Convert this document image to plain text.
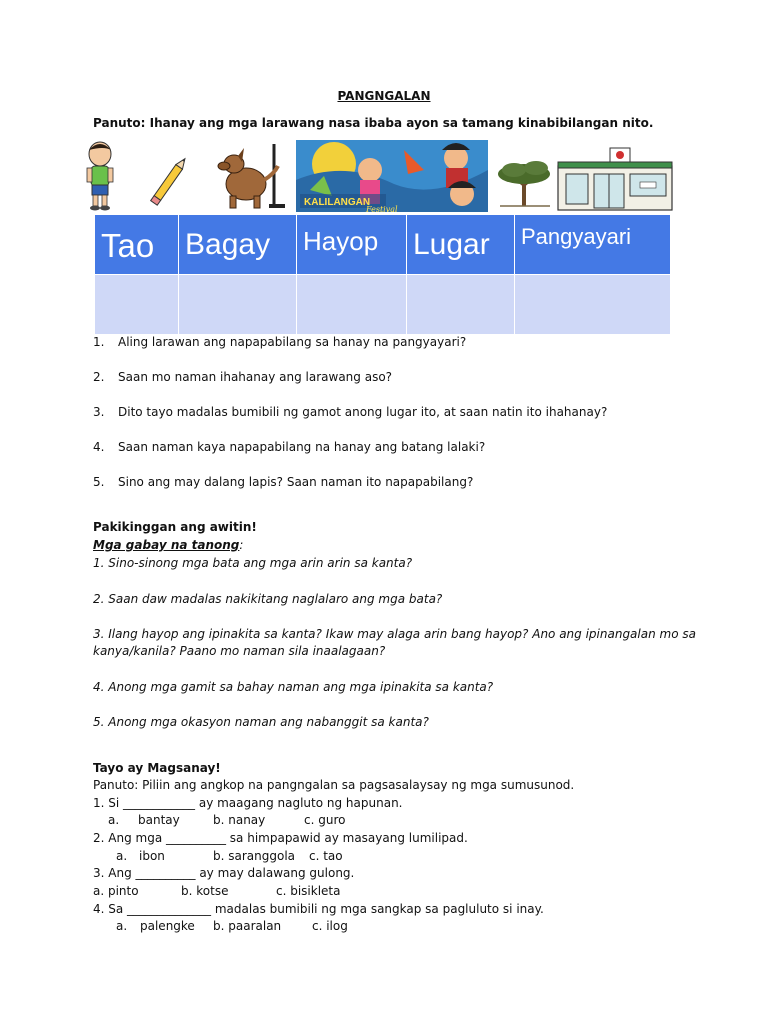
PANGNGALAN
Panuto: Ihanay ang mga larawang nasa ibaba ayon sa tamang kinabibilangan nito.
KALILANGAN
Festival
Tao	Bagay	Hayop	Lugar	Pangyayari

1. Aling larawan ang napapabilang sa hanay na pangyayari?
2. Saan mo naman ihahanay ang larawang aso?
3. Dito tayo madalas bumibili ng gamot anong lugar ito, at saan natin ito ihahanay?
4. Saan naman kaya napapabilang na hanay ang batang lalaki?
5. Sino ang may dalang lapis? Saan naman ito napapabilang?
Pakikinggan ang awitin!
Mga gabay na tanong:
1. Sino-sinong mga bata ang mga arin arin sa kanta?
2. Saan daw madalas nakikitang naglalaro ang mga bata?
3. Ilang hayop ang ipinakita sa kanta? Ikaw may alaga arin bang hayop? Ano ang ipinangalan mo sa
kanya/kanila? Paano mo naman sila inaalagaan?
4. Anong mga gamit sa bahay naman ang mga ipinakita sa kanta?
5. Anong mga okasyon naman ang nabanggit sa kanta?
Tayo ay Magsanay!
Panuto: Piliin ang angkop na pangngalan sa pagsasalaysay ng mga sumusunod.
1. Si ____________ ay maagang nagluto ng hapunan.
a. bantay	b. nanay	c. guro
2. Ang mga __________ sa himpapawid ay masayang lumilipad.
a. ibon	b. saranggola c. tao
3. Ang __________ ay may dalawang gulong.
a. pinto	b. kotse	c. bisikleta
4. Sa ______________ madalas bumibili ng mga sangkap sa pagluluto si inay.
a. palengke b. paaralan	c. ilog
